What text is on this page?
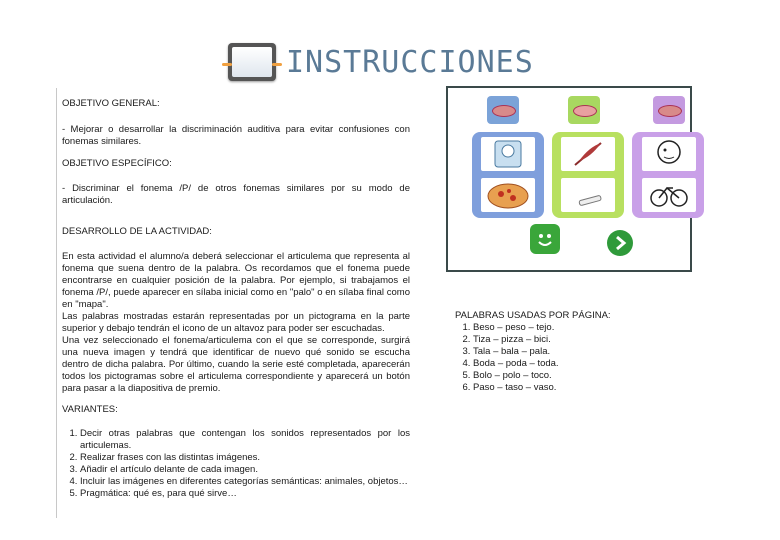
INSTRUCCIONES

OBJETIVO GENERAL:

- Mejorar o desarrollar la discriminación auditiva para evitar confusiones con fonemas similares.

OBJETIVO ESPECÍFICO:

- Discriminar el fonema /P/ de otros fonemas similares por su modo de articulación.

DESARROLLO DE LA ACTIVIDAD:

En esta actividad el alumno/a deberá seleccionar el articulema que representa al fonema que suena dentro de la palabra. Os recordamos que el fonema puede encontrarse en cualquier posición de la palabra. Por ejemplo, si trabajamos el fonema /P/, puede aparecer en sílaba inicial como en "palo" o en sílaba final como en "mapa".

Las palabras mostradas estarán representadas por un pictograma en la parte superior y debajo tendrán el icono de un altavoz para poder ser escuchadas.

Una vez seleccionado el fonema/articulema con el que se corresponde, surgirá una nueva imagen y tendrá que identificar de nuevo qué sonido se escucha dentro de dicha palabra. Por último, cuando la serie esté completada, aparecerán todos los pictogramas sobre el articulema correspondiente y aparecerá un botón para pasar a la diapositiva de premio.

VARIANTES:

1. Decir otras palabras que contengan los sonidos representados por los articulemas.
2. Realizar frases con las distintas imágenes.
3. Añadir el artículo delante de cada imagen.
4. Incluir las imágenes en diferentes categorías semánticas: animales, objetos…
5. Pragmática: qué es, para qué sirve…
PALABRAS USADAS POR PÁGINA:
1. Beso – peso – tejo.
2. Tiza – pizza – bici.
3. Tala – bala – pala.
4. Boda – poda – toda.
5. Bolo – polo – toco.
6. Paso – taso – vaso.
